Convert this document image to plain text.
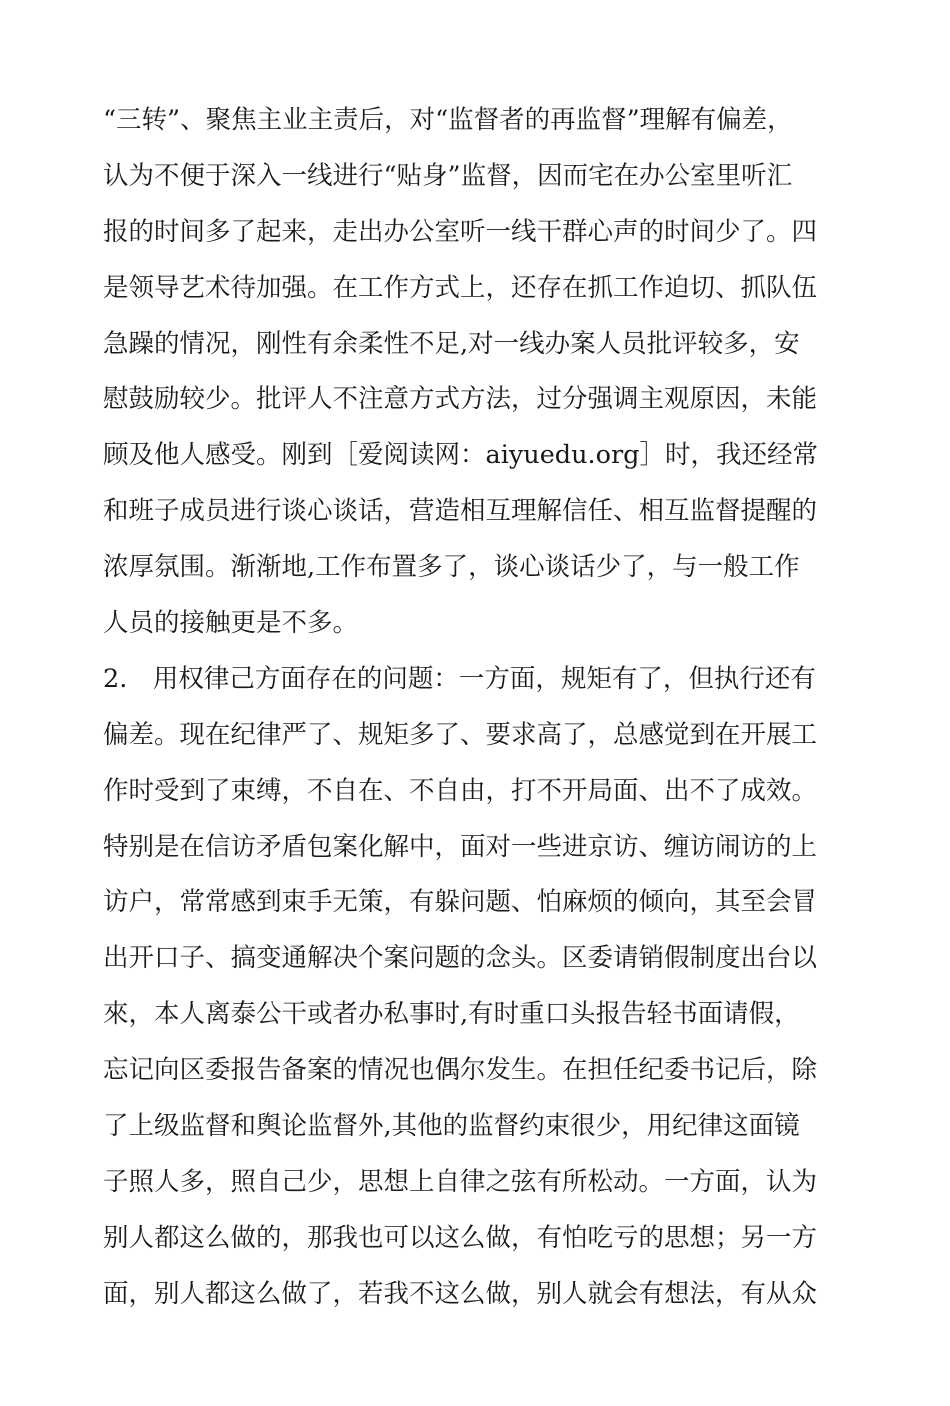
“三转”、聚焦主业主责后，对“监督者的再监督”理解有偏差，
认为不便于深入一线进行“贴身”监督，因而宅在办公室里听汇
报的时间多了起来，走出办公室听一线干群心声的时间少了。四
是领导艺术待加强。在工作方式上，还存在抓工作迫切、抓队伍
急躁的情况，刚性有余柔性不足,对一线办案人员批评较多，安
慰鼓励较少。批评人不注意方式方法，过分强调主观原因，未能
顾及他人感受。刚到［爱阅读网：aiyuedu.org］时，我还经常
和班子成员进行谈心谈话，营造相互理解信任、相互监督提醒的
浓厚氛围。渐渐地,工作布置多了，谈心谈话少了，与一般工作
人员的接触更是不多。
2.　用权律己方面存在的问题：一方面，规矩有了，但执行还有
偏差。现在纪律严了、规矩多了、要求高了，总感觉到在开展工
作时受到了束缚，不自在、不自由，打不开局面、出不了成效。
特别是在信访矛盾包案化解中，面对一些进京访、缠访闹访的上
访户，常常感到束手无策，有躲问题、怕麻烦的倾向，其至会冒
出开口子、搞变通解决个案问题的念头。区委请销假制度出台以
來，本人离泰公干或者办私事时,有时重口头报告轻书面请假，
忘记向区委报告备案的情况也偶尔发生。在担任纪委书记后，除
了上级监督和舆论监督外,其他的监督约束很少，用纪律这面镜
子照人多，照自己少，思想上自律之弦有所松动。一方面，认为
别人都这么做的，那我也可以这么做，有怕吃亏的思想；另一方
面，别人都这么做了，若我不这么做，别人就会有想法，有从众
